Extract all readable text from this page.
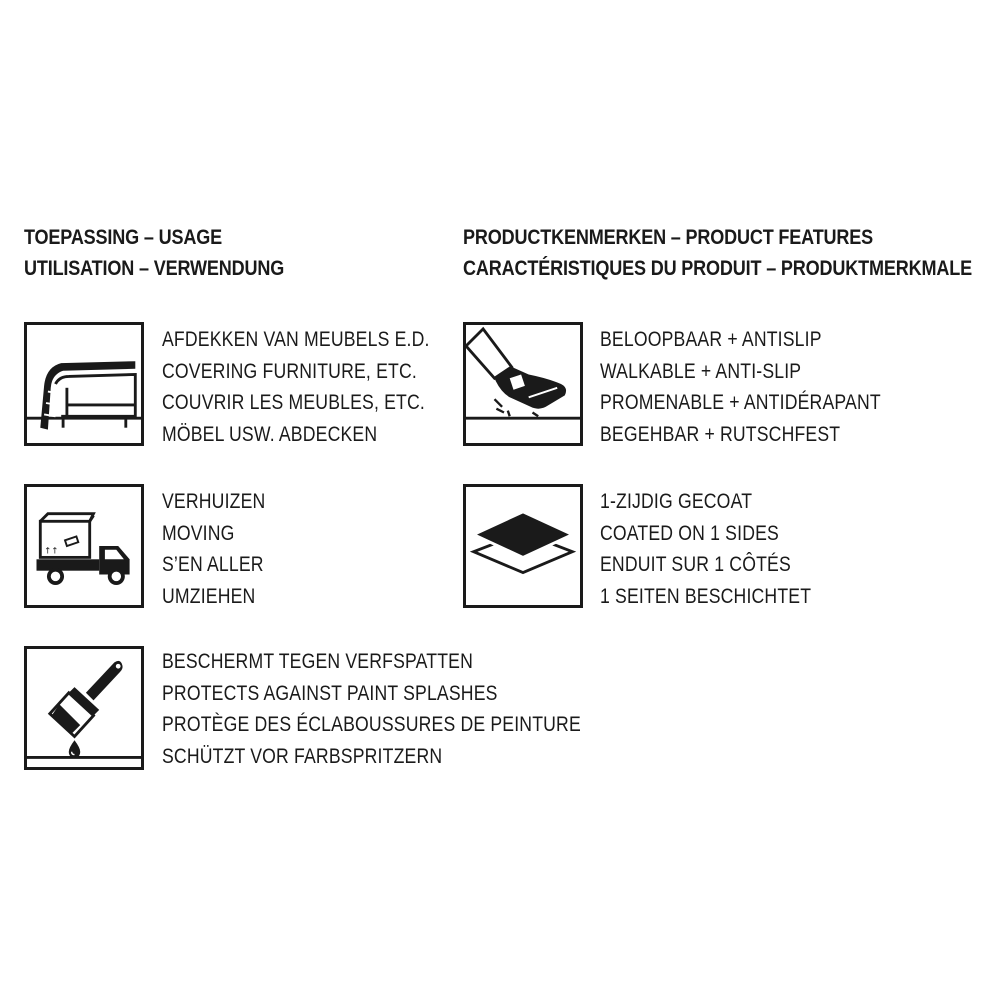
TOEPASSING – USAGE
UTILISATION – VERWENDUNG
PRODUCTKENMERKEN – PRODUCT FEATURES
CARACTÉRISTIQUES DU PRODUIT – PRODUKTMERKMALE
AFDEKKEN VAN MEUBELS E.D.
COVERING FURNITURE, ETC.
COUVRIR LES MEUBLES, ETC.
MÖBEL USW. ABDECKEN
↑↑
VERHUIZEN
MOVING
S’EN ALLER
UMZIEHEN
BESCHERMT TEGEN VERFSPATTEN
PROTECTS AGAINST PAINT SPLASHES
PROTÈGE DES ÉCLABOUSSURES DE PEINTURE
SCHÜTZT VOR FARBSPRITZERN
BELOOPBAAR + ANTISLIP
WALKABLE + ANTI-SLIP
PROMENABLE + ANTIDÉRAPANT
BEGEHBAR + RUTSCHFEST
1-ZIJDIG GECOAT
COATED ON 1 SIDES
ENDUIT SUR 1 CÔTÉS
1 SEITEN BESCHICHTET
